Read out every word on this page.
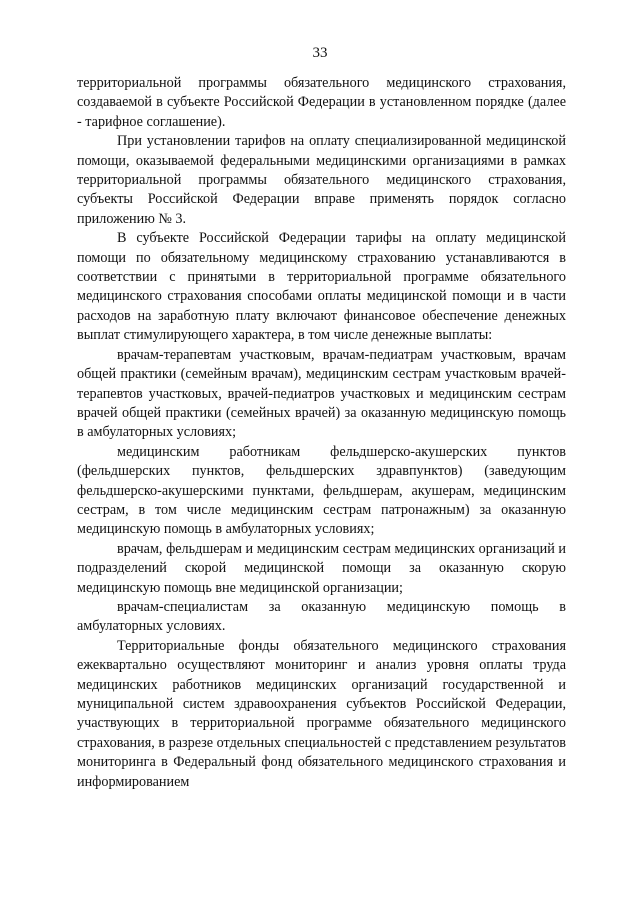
33

территориальной программы обязательного медицинского страхования, создаваемой в субъекте Российской Федерации в установленном порядке (далее - тарифное соглашение).

При установлении тарифов на оплату специализированной медицинской помощи, оказываемой федеральными медицинскими организациями в рамках территориальной программы обязательного медицинского страхования, субъекты Российской Федерации вправе применять порядок согласно приложению № 3.

В субъекте Российской Федерации тарифы на оплату медицинской помощи по обязательному медицинскому страхованию устанавливаются в соответствии с принятыми в территориальной программе обязательного медицинского страхования способами оплаты медицинской помощи и в части расходов на заработную плату включают финансовое обеспечение денежных выплат стимулирующего характера, в том числе денежные выплаты:

врачам-терапевтам участковым, врачам-педиатрам участковым, врачам общей практики (семейным врачам), медицинским сестрам участковым врачей-терапевтов участковых, врачей-педиатров участковых и медицинским сестрам врачей общей практики (семейных врачей) за оказанную медицинскую помощь в амбулаторных условиях;

медицинским работникам фельдшерско-акушерских пунктов (фельдшерских пунктов, фельдшерских здравпунктов) (заведующим фельдшерско-акушерскими пунктами, фельдшерам, акушерам, медицинским сестрам, в том числе медицинским сестрам патронажным) за оказанную медицинскую помощь в амбулаторных условиях;

врачам, фельдшерам и медицинским сестрам медицинских организаций и подразделений скорой медицинской помощи за оказанную скорую медицинскую помощь вне медицинской организации;

врачам-специалистам за оказанную медицинскую помощь в амбулаторных условиях.

Территориальные фонды обязательного медицинского страхования ежеквартально осуществляют мониторинг и анализ уровня оплаты труда медицинских работников медицинских организаций государственной и муниципальной систем здравоохранения субъектов Российской Федерации, участвующих в территориальной программе обязательного медицинского страхования, в разрезе отдельных специальностей с представлением результатов мониторинга в Федеральный фонд обязательного медицинского страхования и информированием
